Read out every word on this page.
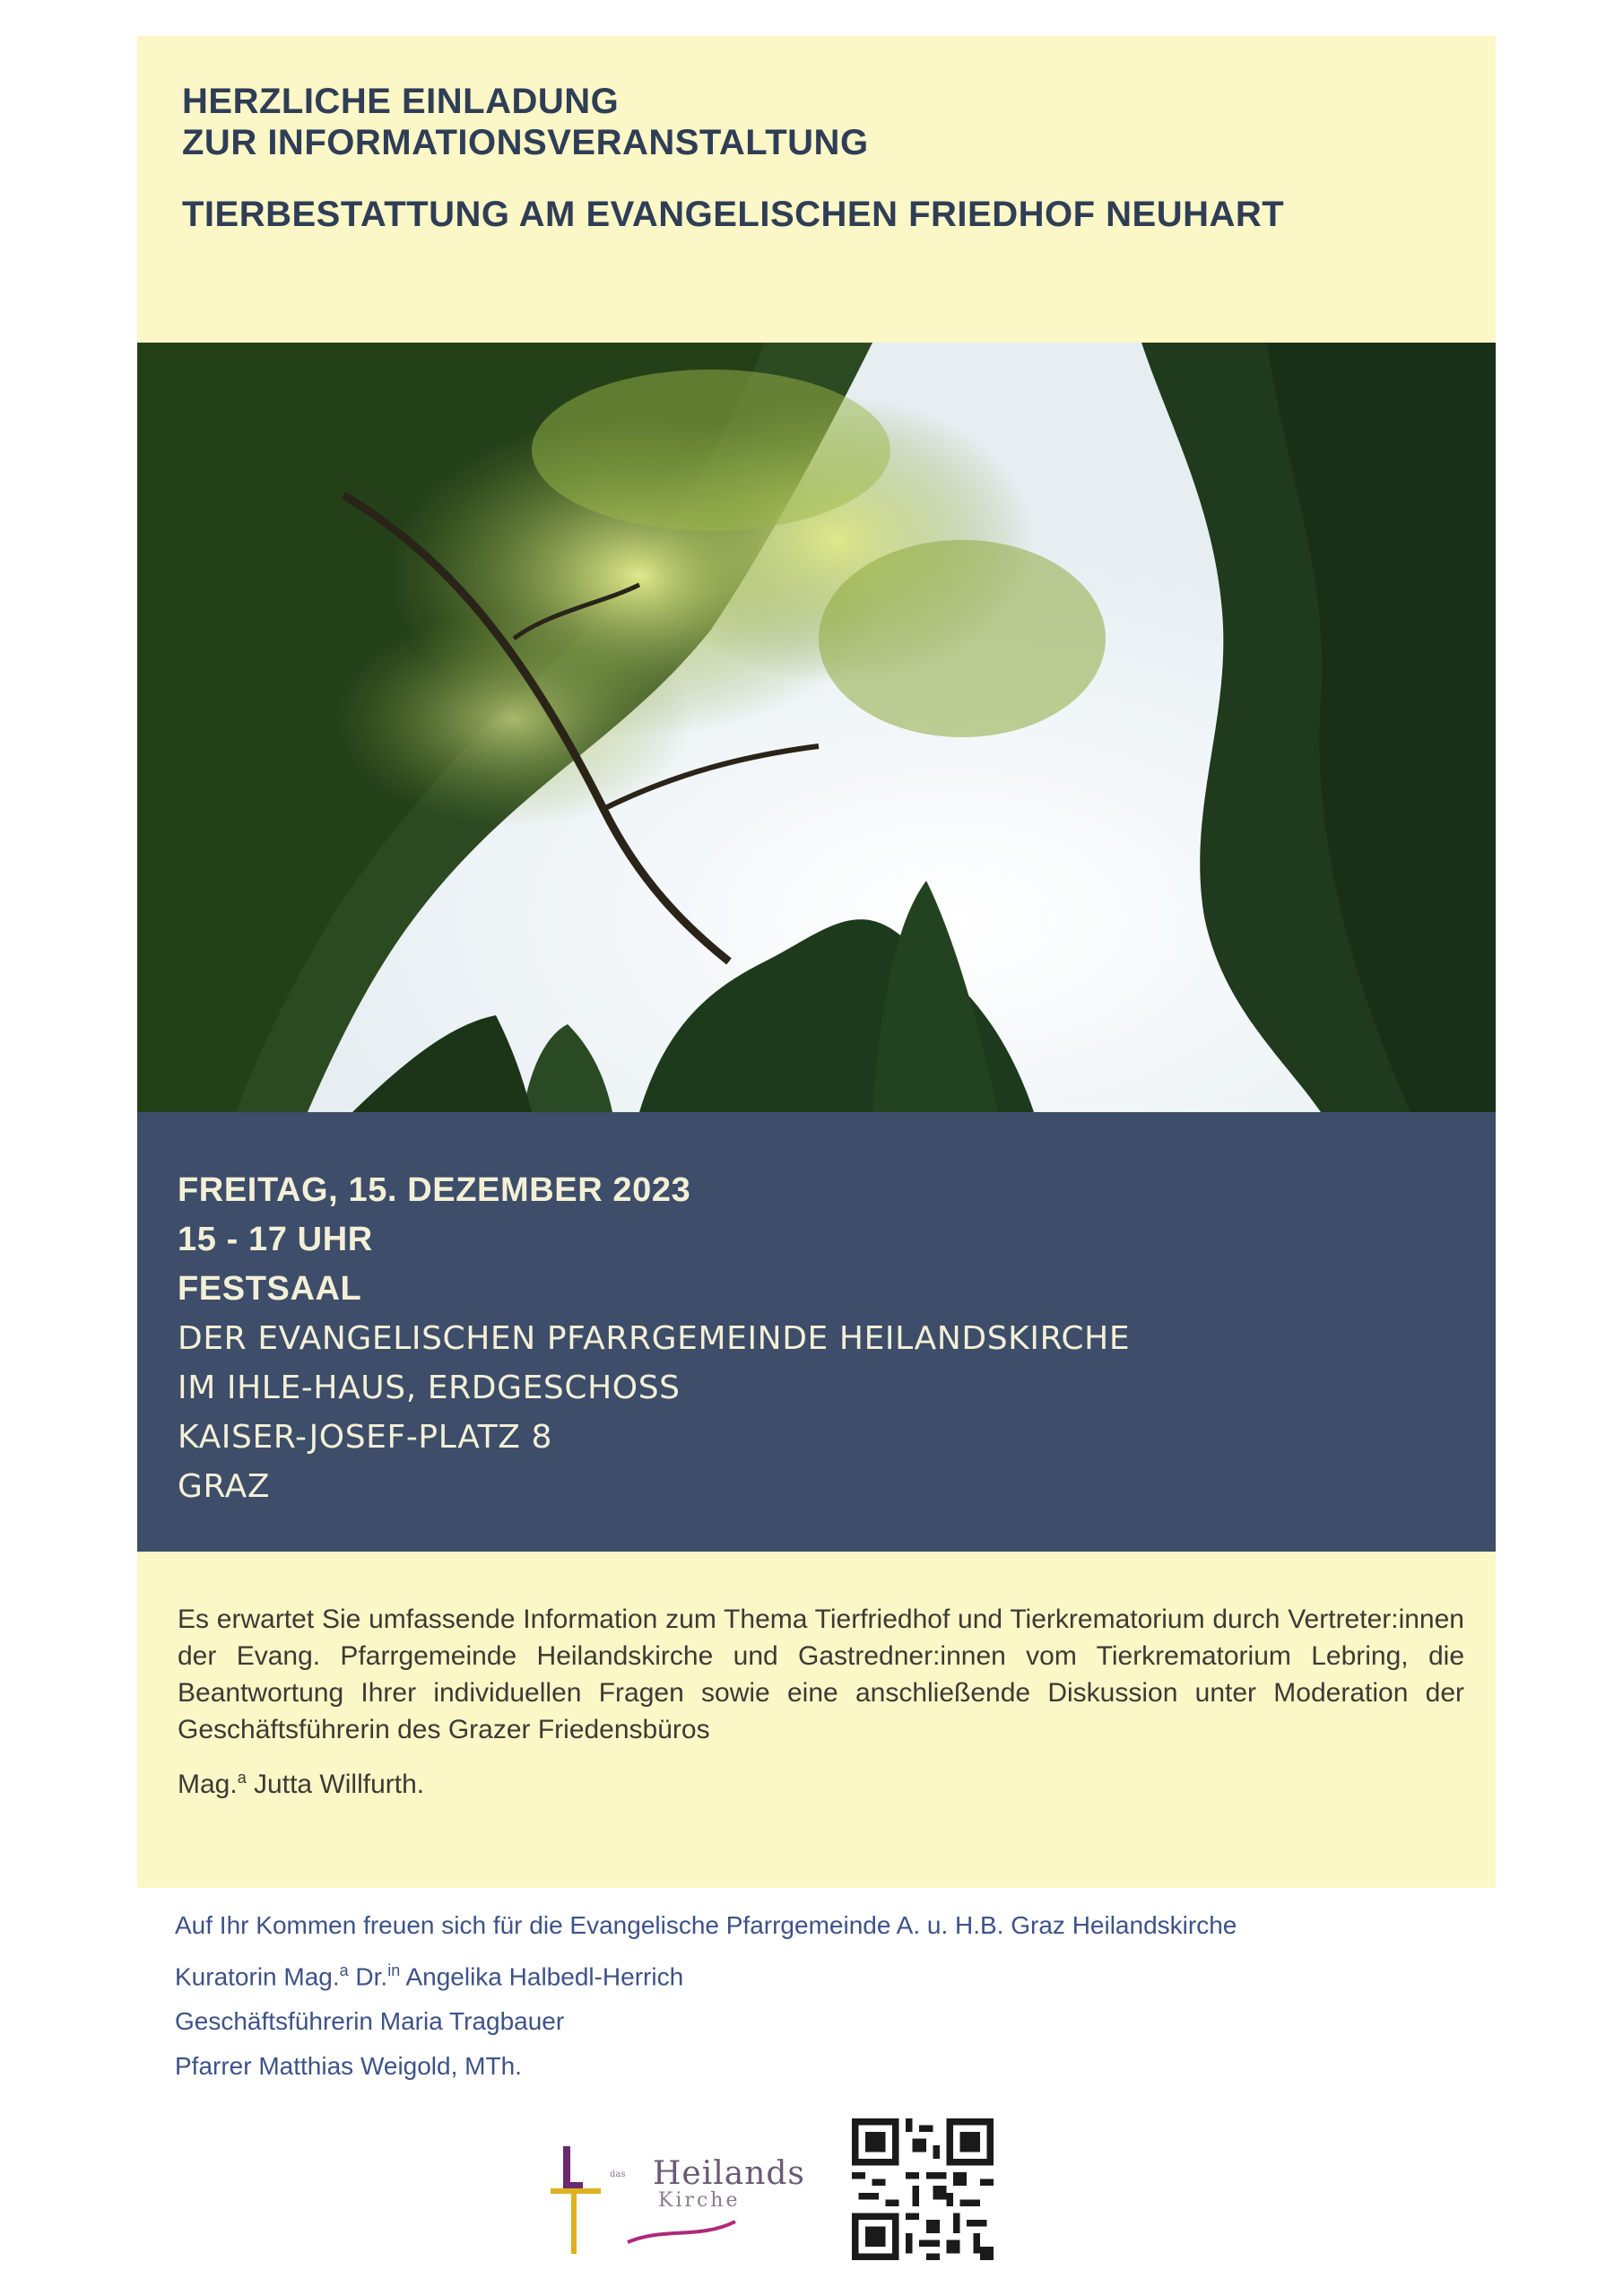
HERZLICHE EINLADUNG

ZUR INFORMATIONSVERANSTALTUNG

TIERBESTATTUNG AM EVANGELISCHEN FRIEDHOF NEUHART

FREITAG, 15. DEZEMBER 2023

15 - 17 UHR

FESTSAAL

DER EVANGELISCHEN PFARRGEMEINDE HEILANDSKIRCHE

IM IHLE-HAUS, ERDGESCHOSS

KAISER-JOSEF-PLATZ 8

GRAZ

Es erwartet Sie umfassende Information zum Thema Tierfriedhof und Tierkrematorium durch Vertreter:innen der Evang. Pfarrgemeinde Heilandskirche und Gastredner:innen vom Tierkrematorium Lebring, die Beantwortung Ihrer individuellen Fragen sowie eine anschließende Diskussion unter Moderation der Geschäftsführerin des Grazer Friedensbüros

Mag.$^a$ Jutta Willfurth.

Auf Ihr Kommen freuen sich für die Evangelische Pfarrgemeinde A. u. H.B. Graz Heilandskirche

Kuratorin Mag.$^a$ Dr.$^{in}$ Angelika Halbedl-Herrich

Geschäftsführerin Maria Tragbauer

Pfarrer Matthias Weigold, MTh.

das Heilands
Kirche
